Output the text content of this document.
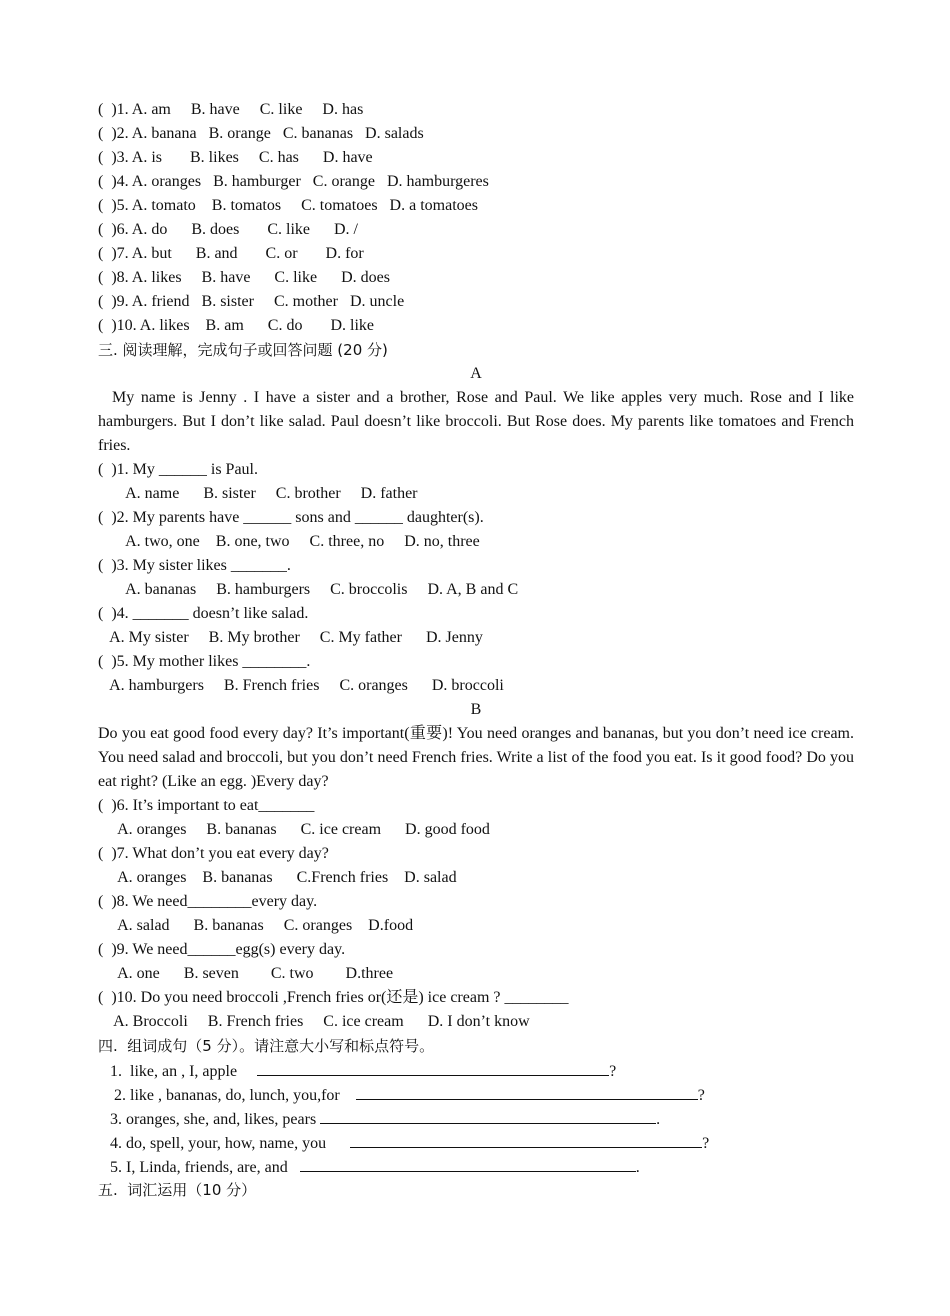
(  )1. A. am     B. have     C. like     D. has
(  )2. A. banana   B. orange   C. bananas   D. salads
(  )3. A. is       B. likes     C. has      D. have
(  )4. A. oranges   B. hamburger   C. orange   D. hamburgeres
(  )5. A. tomato    B. tomatos     C. tomatoes   D. a tomatoes
(  )6. A. do      B. does       C. like      D. /
(  )7. A. but      B. and       C. or       D. for
(  )8. A. likes     B. have      C. like      D. does
(  )9. A. friend   B. sister     C. mother   D. uncle
(  )10. A. likes    B. am      C. do       D. like
三. 阅读理解，完成句子或回答问题 (20 分)
A
My name is Jenny . I have a sister and a brother, Rose and Paul. We like apples very much. Rose and I like hamburgers. But I don’t like salad. Paul doesn’t like broccoli. But Rose does. My parents like tomatoes and French fries.
(  )1. My ______ is Paul.
A. name      B. sister     C. brother     D. father
(  )2. My parents have ______ sons and ______ daughter(s).
A. two, one    B. one, two     C. three, no     D. no, three
(  )3. My sister likes _______.
A. bananas     B. hamburgers     C. broccolis     D. A, B and C
(  )4. _______ doesn’t like salad.
A. My sister     B. My brother     C. My father      D. Jenny
(  )5. My mother likes ________.
A. hamburgers     B. French fries     C. oranges      D. broccoli
B
Do you eat good food every day? It’s important(重要)! You need oranges and bananas, but you don’t need ice cream. You need salad and broccoli, but you don’t need French fries. Write a list of the food you eat. Is it good food? Do you eat right? (Like an egg. )Every day?
(  )6. It’s important to eat_______
A. oranges     B. bananas      C. ice cream      D. good food
(  )7. What don’t you eat every day?
A. oranges    B. bananas      C.French fries    D. salad
(  )8. We need________every day.
A. salad      B. bananas     C. oranges    D.food
(  )9. We need______egg(s) every day.
A. one      B. seven        C. two        D.three
(  )10. Do you need broccoli ,French fries or(还是) ice cream ? ________
A. Broccoli     B. French fries     C. ice cream      D. I don’t know
四.  组词成句（5 分）。请注意大小写和标点符号。
1.  like, an , I, apple	?
2. like , bananas, do, lunch, you,for	?
3. oranges, she, and, likes, pears	.
4. do, spell, your, how, name, you	?
5. I, Linda, friends, are, and	.
五.  词汇运用（10 分）
